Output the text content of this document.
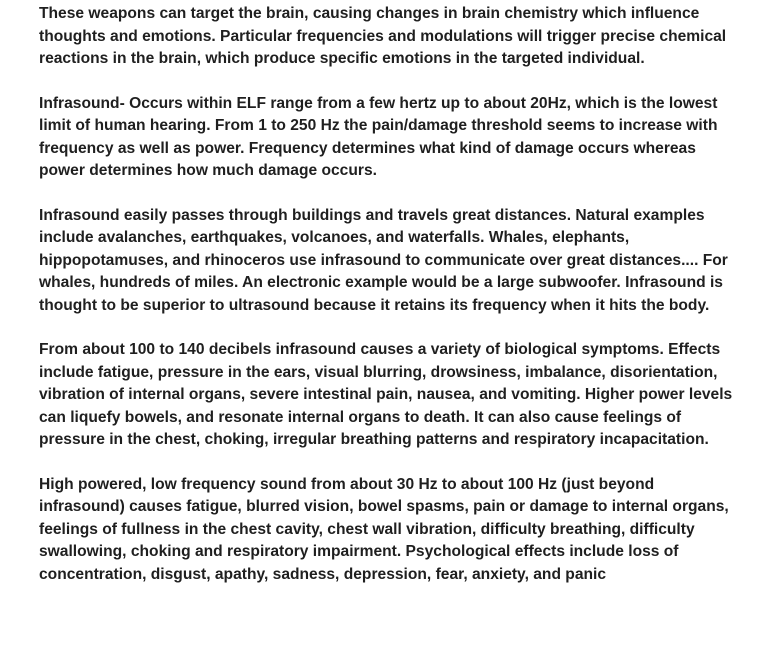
These weapons can target the brain, causing changes in brain chemistry which influence thoughts and emotions. Particular frequencies and modulations will trigger precise chemical reactions in the brain, which produce specific emotions in the targeted individual.

Infrasound- Occurs within ELF range from a few hertz up to about 20Hz, which is the lowest limit of human hearing. From 1 to 250 Hz the pain/damage threshold seems to increase with frequency as well as power. Frequency determines what kind of damage occurs whereas power determines how much damage occurs.

Infrasound easily passes through buildings and travels great distances. Natural examples include avalanches, earthquakes, volcanoes, and waterfalls. Whales, elephants, hippopotamuses, and rhinoceros use infrasound to communicate over great distances.... For whales, hundreds of miles. An electronic example would be a large subwoofer. Infrasound is thought to be superior to ultrasound because it retains its frequency when it hits the body.

From about 100 to 140 decibels infrasound causes a variety of biological symptoms. Effects include fatigue, pressure in the ears, visual blurring, drowsiness, imbalance, disorientation, vibration of internal organs, severe intestinal pain, nausea, and vomiting. Higher power levels can liquefy bowels, and resonate internal organs to death. It can also cause feelings of pressure in the chest, choking, irregular breathing patterns and respiratory incapacitation.

High powered, low frequency sound from about 30 Hz to about 100 Hz (just beyond infrasound) causes fatigue, blurred vision, bowel spasms, pain or damage to internal organs, feelings of fullness in the chest cavity, chest wall vibration, difficulty breathing, difficulty swallowing, choking and respiratory impairment. Psychological effects include loss of concentration, disgust, apathy, sadness, depression, fear, anxiety, and panic
